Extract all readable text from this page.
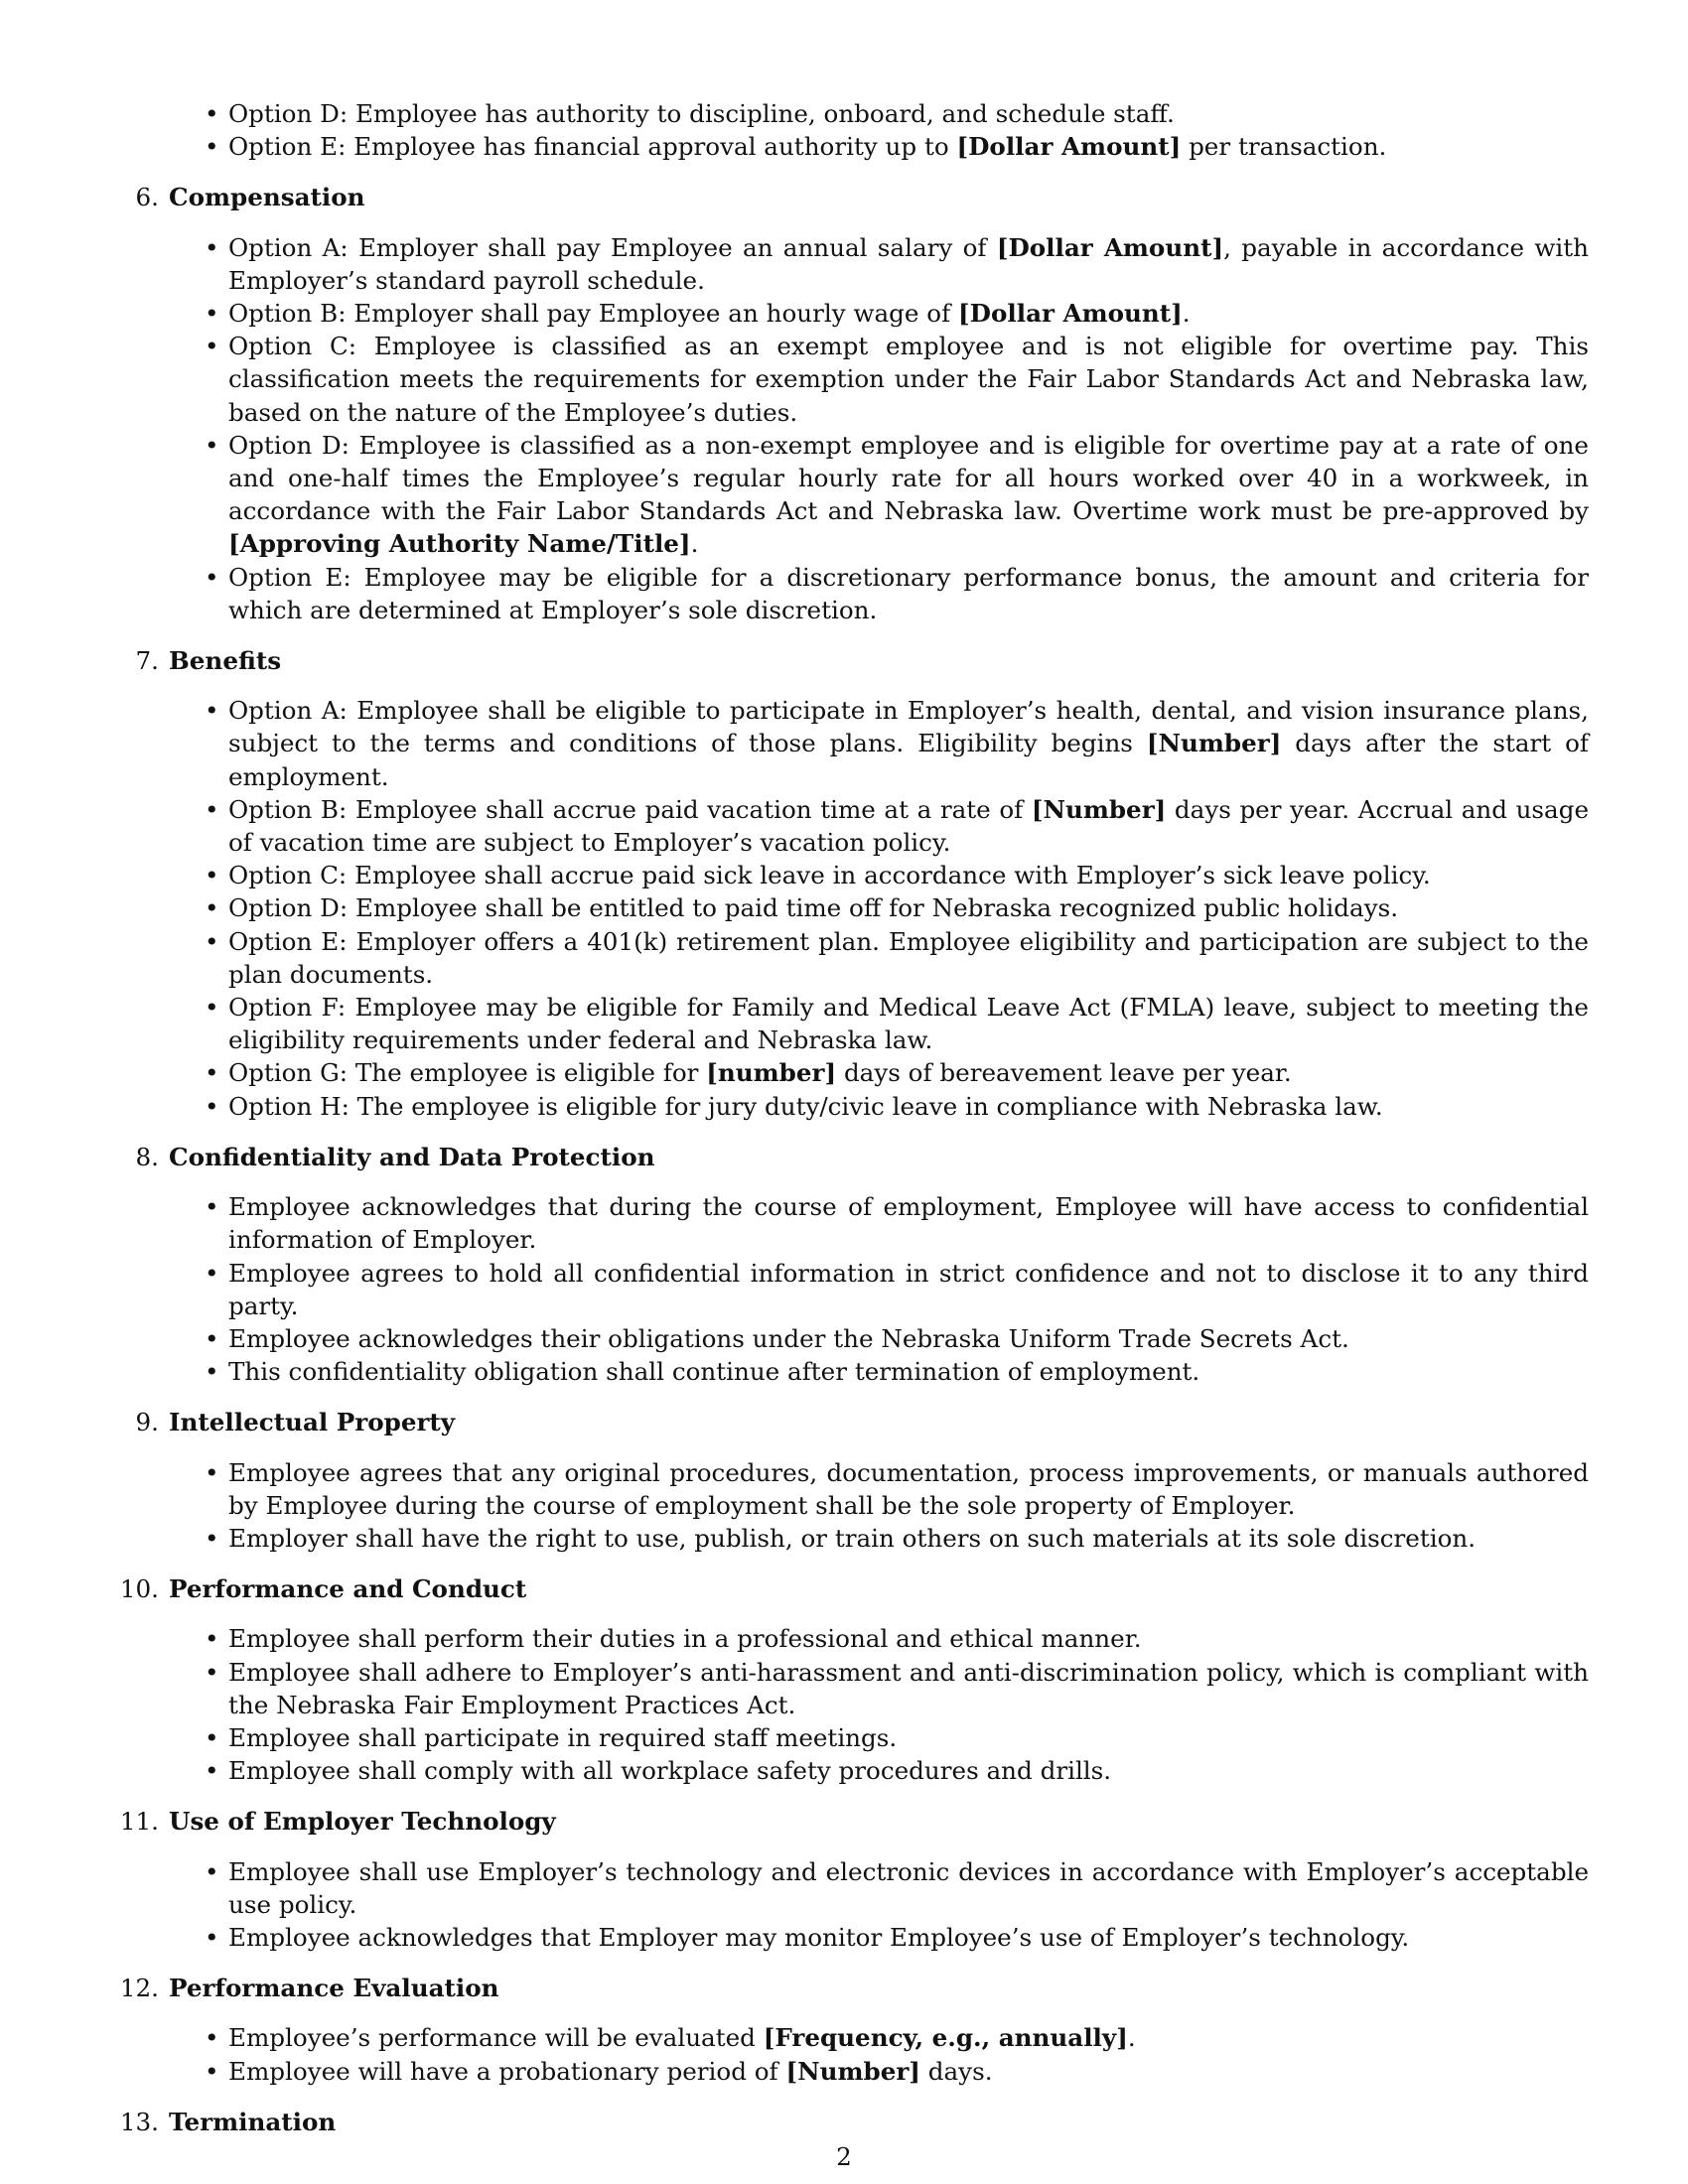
• Option D: Employee has authority to discipline, onboard, and schedule staff.
• Option E: Employee has financial approval authority up to [Dollar Amount] per transaction.
6. Compensation
• Option A: Employer shall pay Employee an annual salary of [Dollar Amount], payable in accordance with Employer’s standard payroll schedule.
• Option B: Employer shall pay Employee an hourly wage of [Dollar Amount].
• Option C: Employee is classified as an exempt employee and is not eligible for overtime pay. This classification meets the requirements for exemption under the Fair Labor Standards Act and Nebraska law, based on the nature of the Employee’s duties.
• Option D: Employee is classified as a non-exempt employee and is eligible for overtime pay at a rate of one and one-half times the Employee’s regular hourly rate for all hours worked over 40 in a workweek, in accordance with the Fair Labor Standards Act and Nebraska law. Overtime work must be pre-approved by [Approving Authority Name/Title].
• Option E: Employee may be eligible for a discretionary performance bonus, the amount and criteria for which are determined at Employer’s sole discretion.
7. Benefits
• Option A: Employee shall be eligible to participate in Employer’s health, dental, and vision insurance plans, subject to the terms and conditions of those plans. Eligibility begins [Number] days after the start of employment.
• Option B: Employee shall accrue paid vacation time at a rate of [Number] days per year. Accrual and usage of vacation time are subject to Employer’s vacation policy.
• Option C: Employee shall accrue paid sick leave in accordance with Employer’s sick leave policy.
• Option D: Employee shall be entitled to paid time off for Nebraska recognized public holidays.
• Option E: Employer offers a 401(k) retirement plan. Employee eligibility and participation are subject to the plan documents.
• Option F: Employee may be eligible for Family and Medical Leave Act (FMLA) leave, subject to meeting the eligibility requirements under federal and Nebraska law.
• Option G: The employee is eligible for [number] days of bereavement leave per year.
• Option H: The employee is eligible for jury duty/civic leave in compliance with Nebraska law.
8. Confidentiality and Data Protection
• Employee acknowledges that during the course of employment, Employee will have access to confidential information of Employer.
• Employee agrees to hold all confidential information in strict confidence and not to disclose it to any third party.
• Employee acknowledges their obligations under the Nebraska Uniform Trade Secrets Act.
• This confidentiality obligation shall continue after termination of employment.
9. Intellectual Property
• Employee agrees that any original procedures, documentation, process improvements, or manuals authored by Employee during the course of employment shall be the sole property of Employer.
• Employer shall have the right to use, publish, or train others on such materials at its sole discretion.
10. Performance and Conduct
• Employee shall perform their duties in a professional and ethical manner.
• Employee shall adhere to Employer’s anti-harassment and anti-discrimination policy, which is compliant with the Nebraska Fair Employment Practices Act.
• Employee shall participate in required staff meetings.
• Employee shall comply with all workplace safety procedures and drills.
11. Use of Employer Technology
• Employee shall use Employer’s technology and electronic devices in accordance with Employer’s acceptable use policy.
• Employee acknowledges that Employer may monitor Employee’s use of Employer’s technology.
12. Performance Evaluation
• Employee’s performance will be evaluated [Frequency, e.g., annually].
• Employee will have a probationary period of [Number] days.
13. Termination
2
